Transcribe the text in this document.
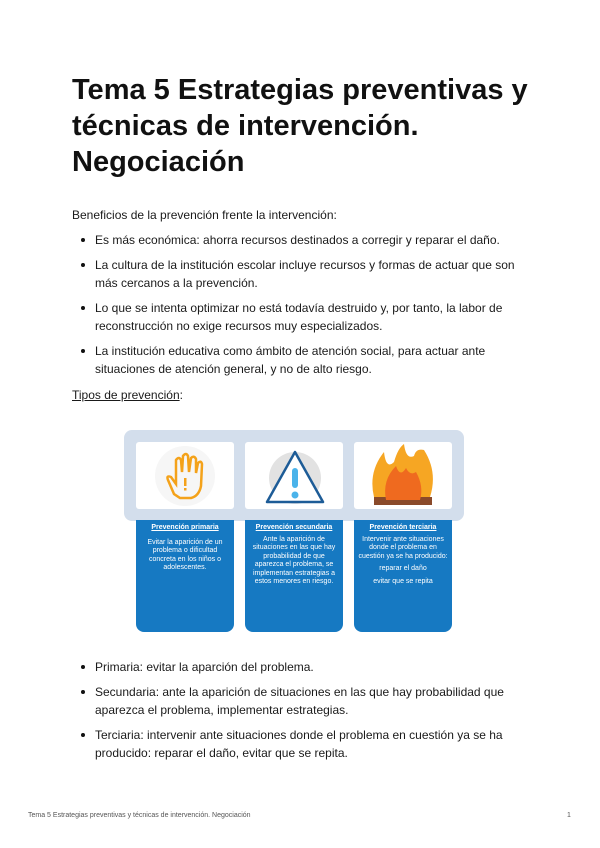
Tema 5 Estrategias preventivas y técnicas de intervención. Negociación
Beneficios de la prevención frente la intervención:
Es más económica: ahorra recursos destinados a corregir y reparar el daño.
La cultura de la institución escolar incluye recursos y formas de actuar que son más cercanos a la prevención.
Lo que se intenta optimizar no está todavía destruido y, por tanto, la labor de reconstrucción no exige recursos muy especializados.
La institución educativa como ámbito de atención social, para actuar ante situaciones de atención general, y no de alto riesgo.
Tipos de prevención:
Prevención primaria
Evitar la aparición de un problema o dificultad concreta en los niños o adolescentes.
Prevención secundaria
Ante la aparición de situaciones en las que hay probabilidad de que aparezca el problema, se implementan estrategias a estos menores en riesgo.
Prevención terciaria
Intervenir ante situaciones donde el problema en cuestión ya se ha producido:
reparar el daño
evitar que se repita
Primaria: evitar la aparción del problema.
Secundaria: ante la aparición de situaciones en las que hay probabilidad que aparezca el problema, implementar estrategias.
Terciaria: intervenir ante situaciones donde el problema en cuestión ya se ha producido: reparar el daño, evitar que se repita.
Tema 5 Estrategias preventivas y técnicas de intervención. Negociación	1
